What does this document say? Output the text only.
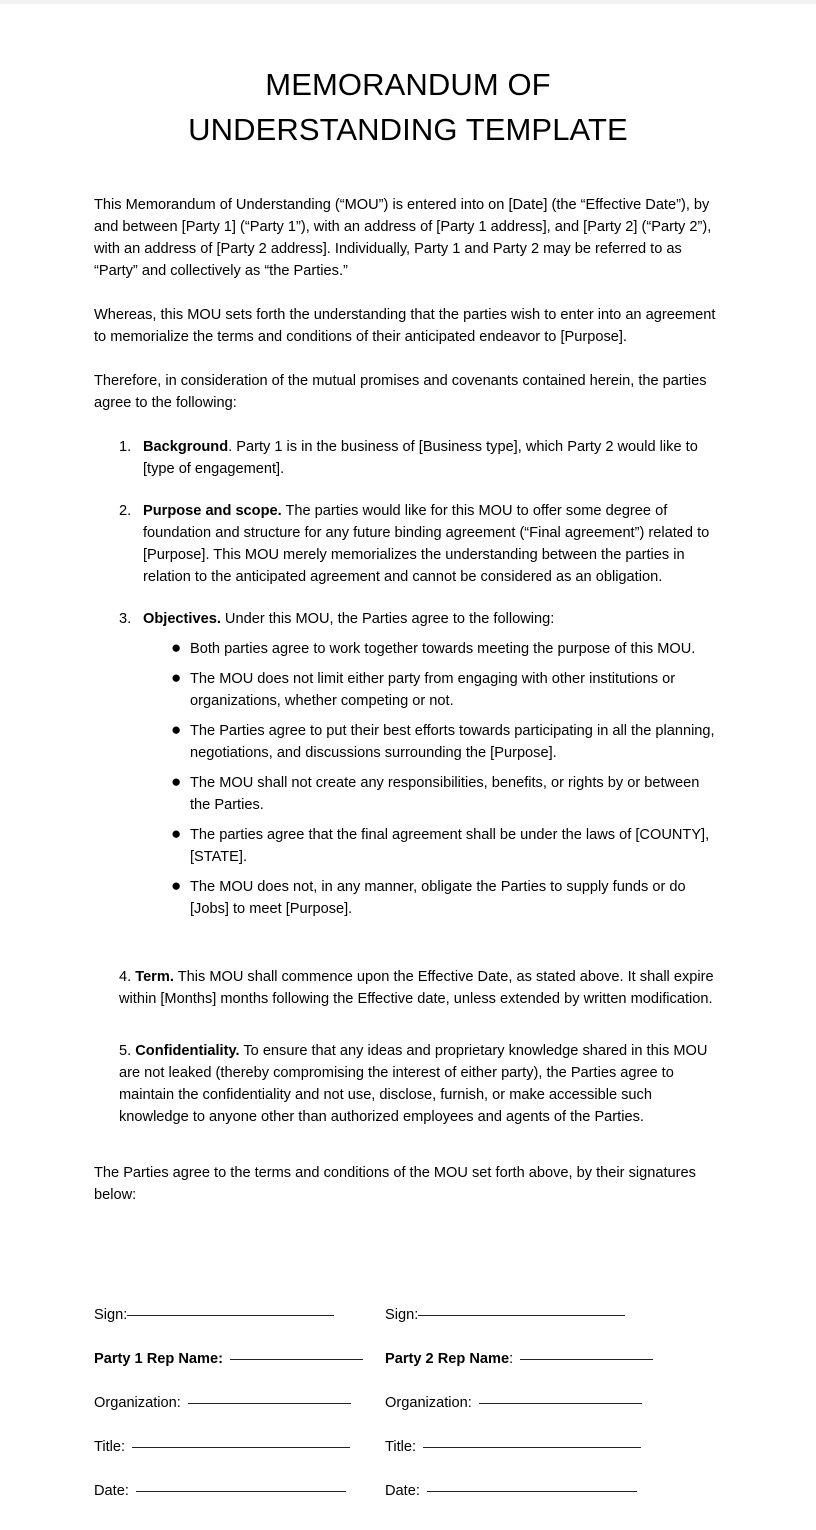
MEMORANDUM OF
UNDERSTANDING TEMPLATE

This Memorandum of Understanding (“MOU”) is entered into on [Date] (the “Effective Date”), by and between [Party 1] (“Party 1”), with an address of [Party 1 address], and [Party 2] (“Party 2”), with an address of [Party 2 address]. Individually, Party 1 and Party 2 may be referred to as “Party” and collectively as “the Parties.”

Whereas, this MOU sets forth the understanding that the parties wish to enter into an agreement to memorialize the terms and conditions of their anticipated endeavor to [Purpose].

Therefore, in consideration of the mutual promises and covenants contained herein, the parties agree to the following:

1. Background. Party 1 is in the business of [Business type], which Party 2 would like to [type of engagement].
2. Purpose and scope. The parties would like for this MOU to offer some degree of foundation and structure for any future binding agreement (“Final agreement”) related to [Purpose]. This MOU merely memorializes the understanding between the parties in relation to the anticipated agreement and cannot be considered as an obligation.
3. Objectives. Under this MOU, the Parties agree to the following:
● Both parties agree to work together towards meeting the purpose of this MOU.
● The MOU does not limit either party from engaging with other institutions or organizations, whether competing or not.
● The Parties agree to put their best efforts towards participating in all the planning, negotiations, and discussions surrounding the [Purpose].
● The MOU shall not create any responsibilities, benefits, or rights by or between the Parties.
● The parties agree that the final agreement shall be under the laws of [COUNTY], [STATE].
● The MOU does not, in any manner, obligate the Parties to supply funds or do [Jobs] to meet [Purpose].

4. Term. This MOU shall commence upon the Effective Date, as stated above. It shall expire within [Months] months following the Effective date, unless extended by written modification.

5. Confidentiality. To ensure that any ideas and proprietary knowledge shared in this MOU are not leaked (thereby compromising the interest of either party), the Parties agree to maintain the confidentiality and not use, disclose, furnish, or make accessible such knowledge to anyone other than authorized employees and agents of the Parties.

The Parties agree to the terms and conditions of the MOU set forth above, by their signatures below:

Sign:
Party 1 Rep Name:
Organization:
Title:
Date:
Sign:
Party 2 Rep Name:
Organization:
Title:
Date:
